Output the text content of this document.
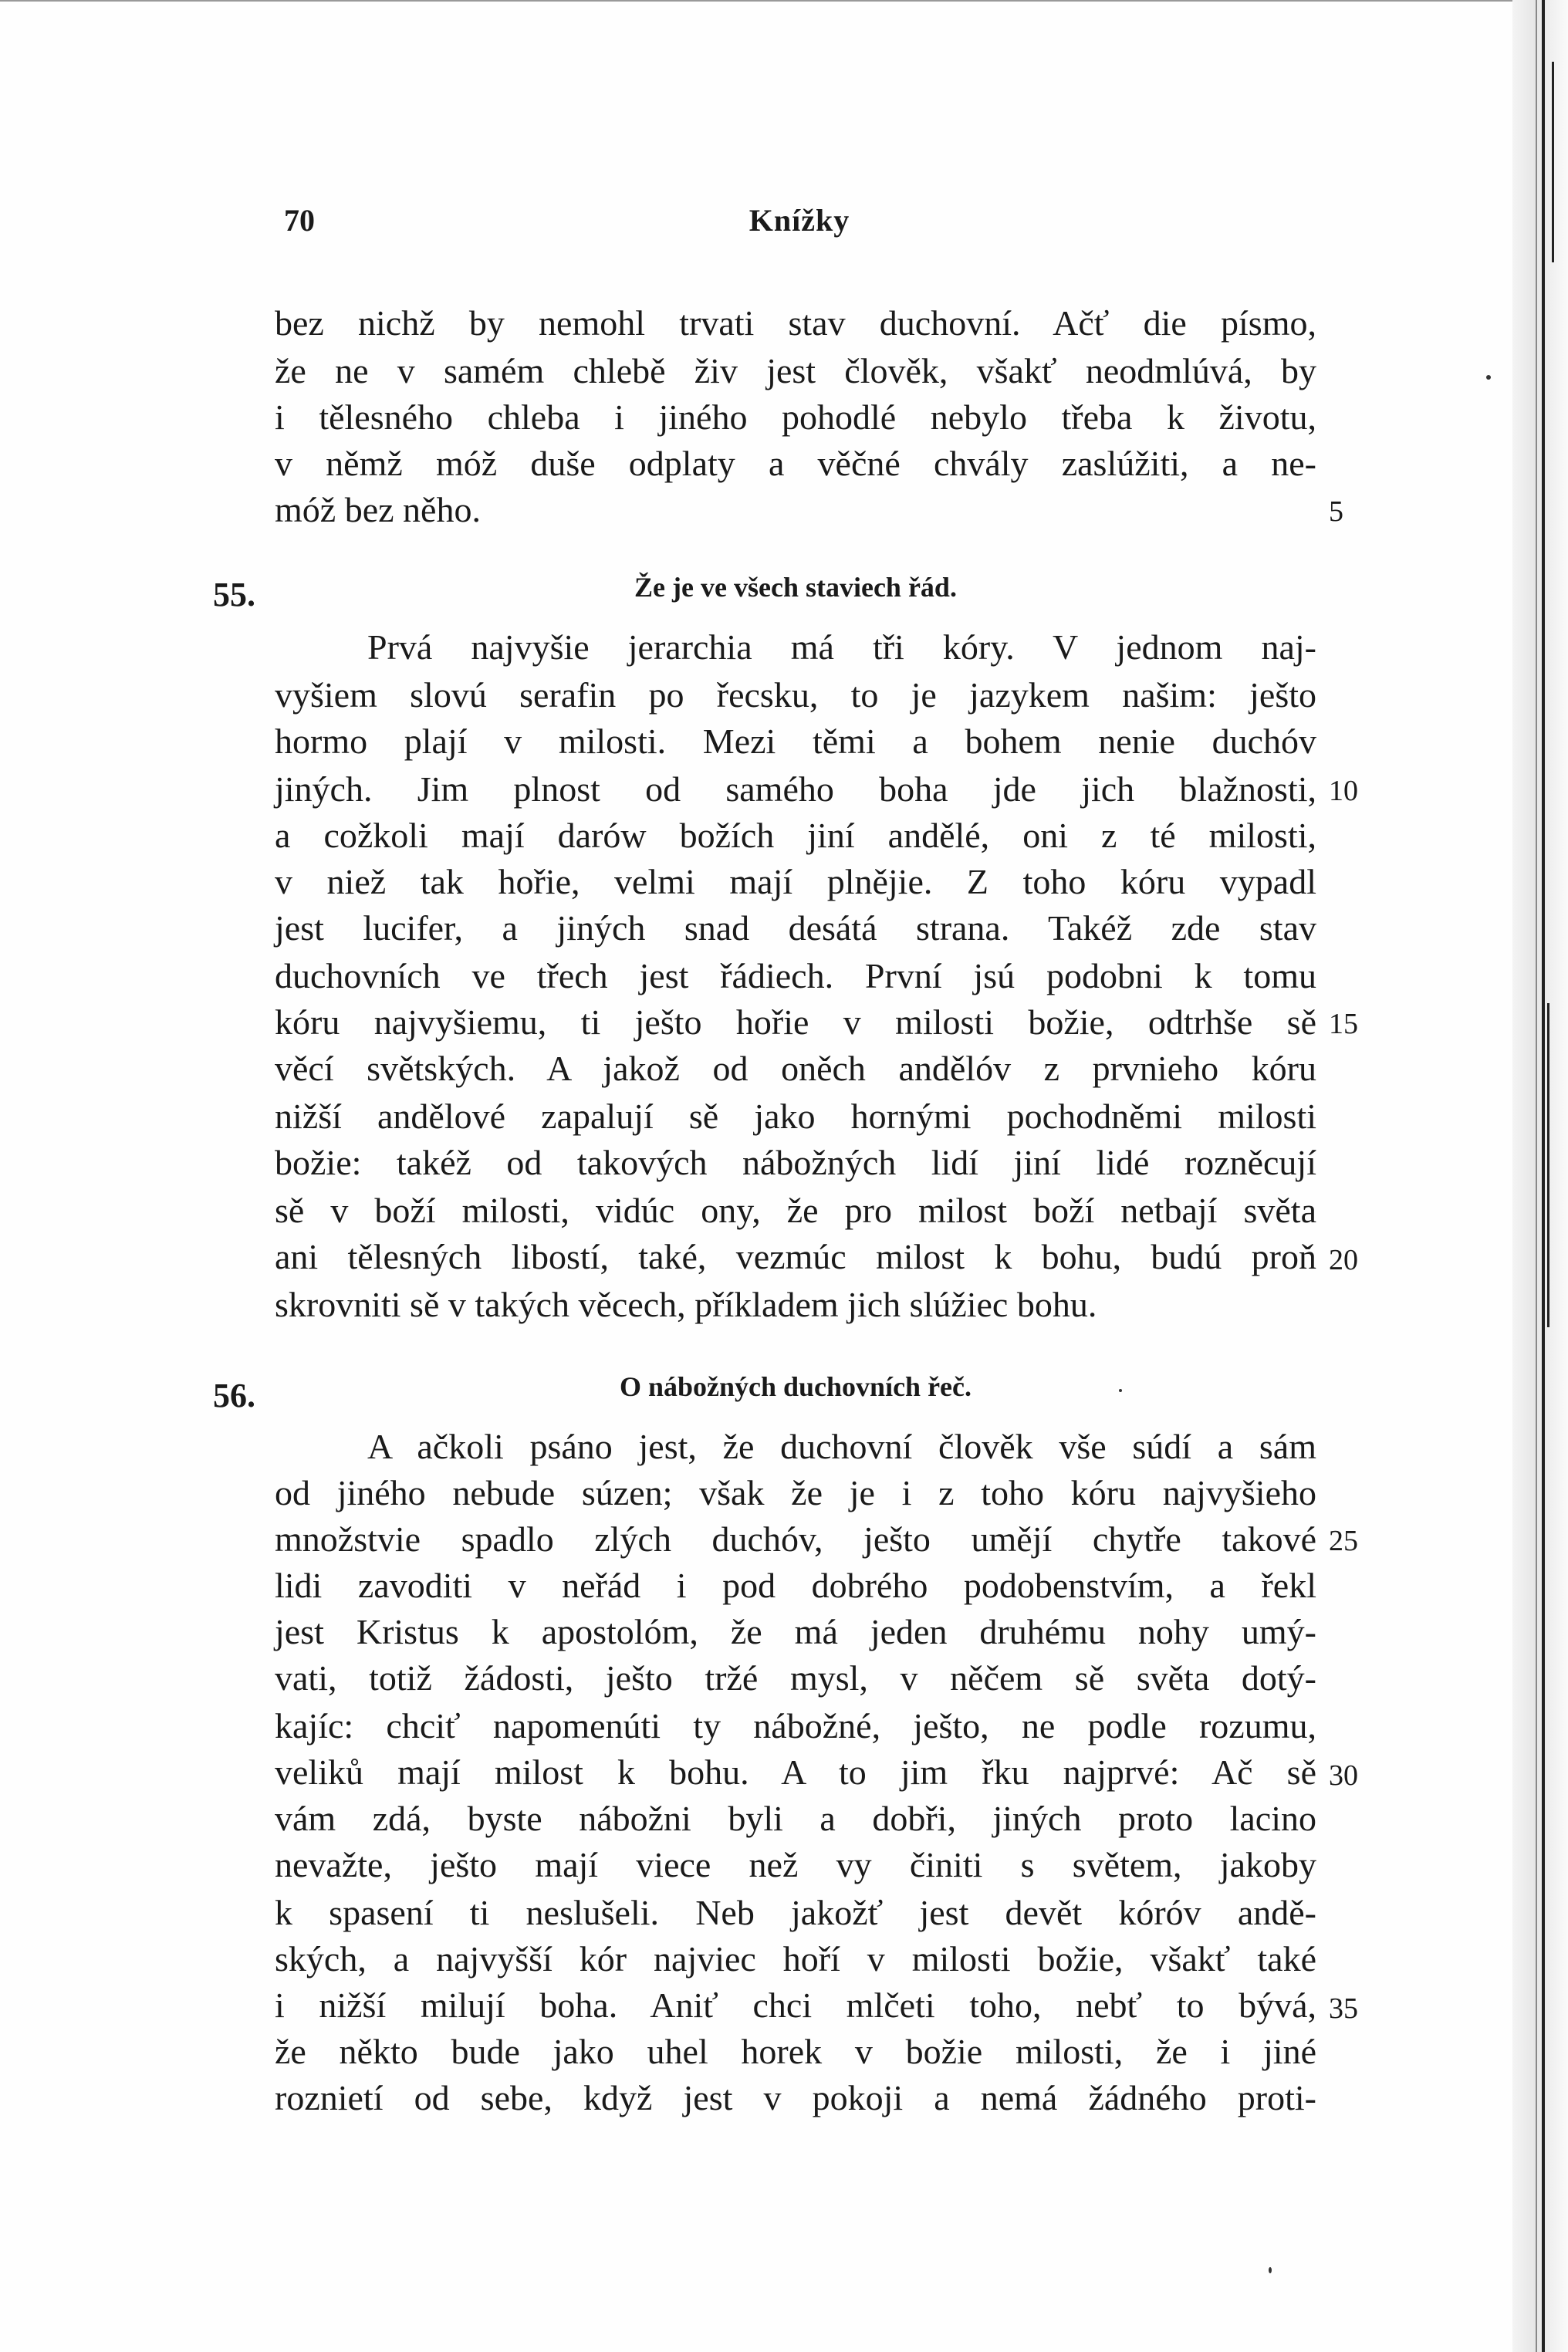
70	Knížky
bez nichž by nemohl trvati stav duchovní. Ačť die písmo,
že ne v samém chlebě živ jest člověk, všakť neodmlúvá, by
i tělesného chleba i jiného pohodlé nebylo třeba k životu,
v němž móž duše odplaty a věčné chvály zaslúžiti, a ne-
móž bez něho.	5
55.	Že je ve všech staviech řád.
Prvá najvyšie jerarchia má tři kóry. V jednom naj-
vyšiem slovú serafin po řecsku, to je jazykem našim: ješto
hormo plají v milosti. Mezi těmi a bohem nenie duchóv
jiných. Jim plnost od samého boha jde jich blažnosti, 10
a cožkoli mají darów božích jiní andělé, oni z té milosti,
v niež tak hořie, velmi mají plnějie. Z toho kóru vypadl
jest lucifer, a jiných snad desátá strana. Takéž zde stav
duchovních ve třech jest řádiech. První jsú podobni k tomu
kóru najvyšiemu, ti ješto hořie v milosti božie, odtrhše sě 15
věcí světských. A jakož od oněch andělóv z prvnieho kóru
nižší andělové zapalují sě jako hornými pochodněmi milosti
božie: takéž od takových nábožných lidí jiní lidé rozněcují
sě v boží milosti, vidúc ony, že pro milost boží netbají světa
ani tělesných libostí, také, vezmúc milost k bohu, budú proň 20
skrovniti sě v takých věcech, příkladem jich slúžiec bohu.
56.	O nábožných duchovních řeč.
A ačkoli psáno jest, že duchovní člověk vše súdí a sám
od jiného nebude súzen; však že je i z toho kóru najvyšieho
množstvie spadlo zlých duchóv, ješto umějí chytře takové 25
lidi zavoditi v neřád i pod dobrého podobenstvím, a řekl
jest Kristus k apostolóm, že má jeden druhému nohy umý-
vati, totiž žádosti, ješto tržé mysl, v něčem sě světa dotý-
kajíc: chciť napomenúti ty nábožné, ješto, ne podle rozumu,
veliků mají milost k bohu. A to jim řku najprvé: Ač sě 30
vám zdá, byste nábožni byli a dobři, jiných proto lacino
nevažte, ješto mají viece než vy činiti s světem, jakoby
k spasení ti neslušeli. Neb jakožť jest devět kóróv andě-
ských, a najvyšší kór najviec hoří v milosti božie, všakť také
i nižší milují boha. Aniť chci mlčeti toho, nebť to bývá, 35
že někto bude jako uhel horek v božie milosti, že i jiné
roznietí od sebe, když jest v pokoji a nemá žádného proti-
